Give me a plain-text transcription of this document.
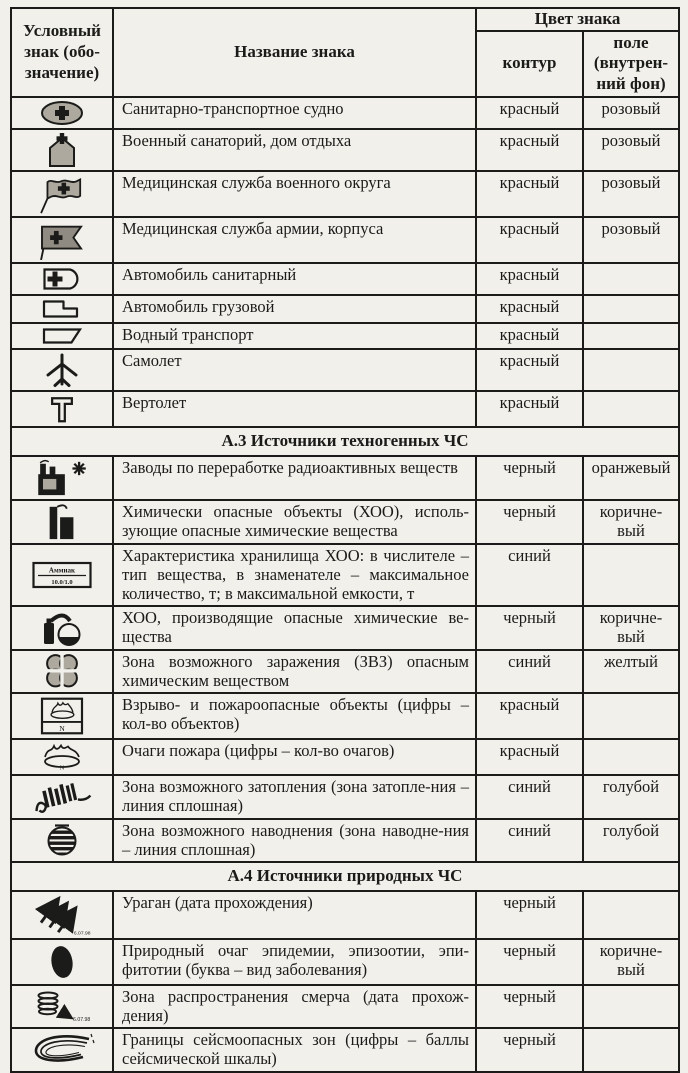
Условный знак (обо-значение)	Название знака	Цвет знака	
		контур	поле (внутрен-ний фон)
	Санитарно-транспортное судно	красный	розовый
	Военный санаторий, дом отдыха	красный	розовый
	Медицинская служба военного округа	красный	розовый
	Медицинская служба армии, корпуса	красный	розовый
	Автомобиль санитарный	красный	
	Автомобиль грузовой	красный	
	Водный транспорт	красный	
	Самолет	красный	
	Вертолет	красный	
А.3 Источники техногенных ЧС			
	Заводы по переработке радиоактивных веществ	черный	оранжевый
	Химически опасные объекты (ХОО), исполь-зующие опасные химические вещества	черный	коричне-вый

Аммиак
10.0/1.0	Характеристика хранилища ХОО: в числителе – тип вещества, в знаменателе – максимальное количество, т; в максимальной емкости, т	синий	
	ХОО, производящие опасные химические ве-щества	черный	коричне-вый
	Зона возможного заражения (ЗВЗ) опасным химическим веществом	синий	желтый

N	Взрыво- и пожароопасные объекты (цифры – кол-во объектов)	красный	

N	Очаги пожара (цифры – кол-во очагов)	красный	
	Зона возможного затопления (зона затопле-ния – линия сплошная)	синий	голубой
	Зона возможного наводнения (зона наводне-ния – линия сплошная)	синий	голубой
А.4 Источники природных ЧС			

6.07.98	Ураган (дата прохождения)	черный	
	Природный очаг эпидемии, эпизоотии, эпи-фитотии (буква – вид заболевания)	черный	коричне-вый

6.07.98	Зона распространения смерча (дата прохож-дения)	черный	
	Границы сейсмоопасных зон (цифры – баллы сейсмической шкалы)	черный	
